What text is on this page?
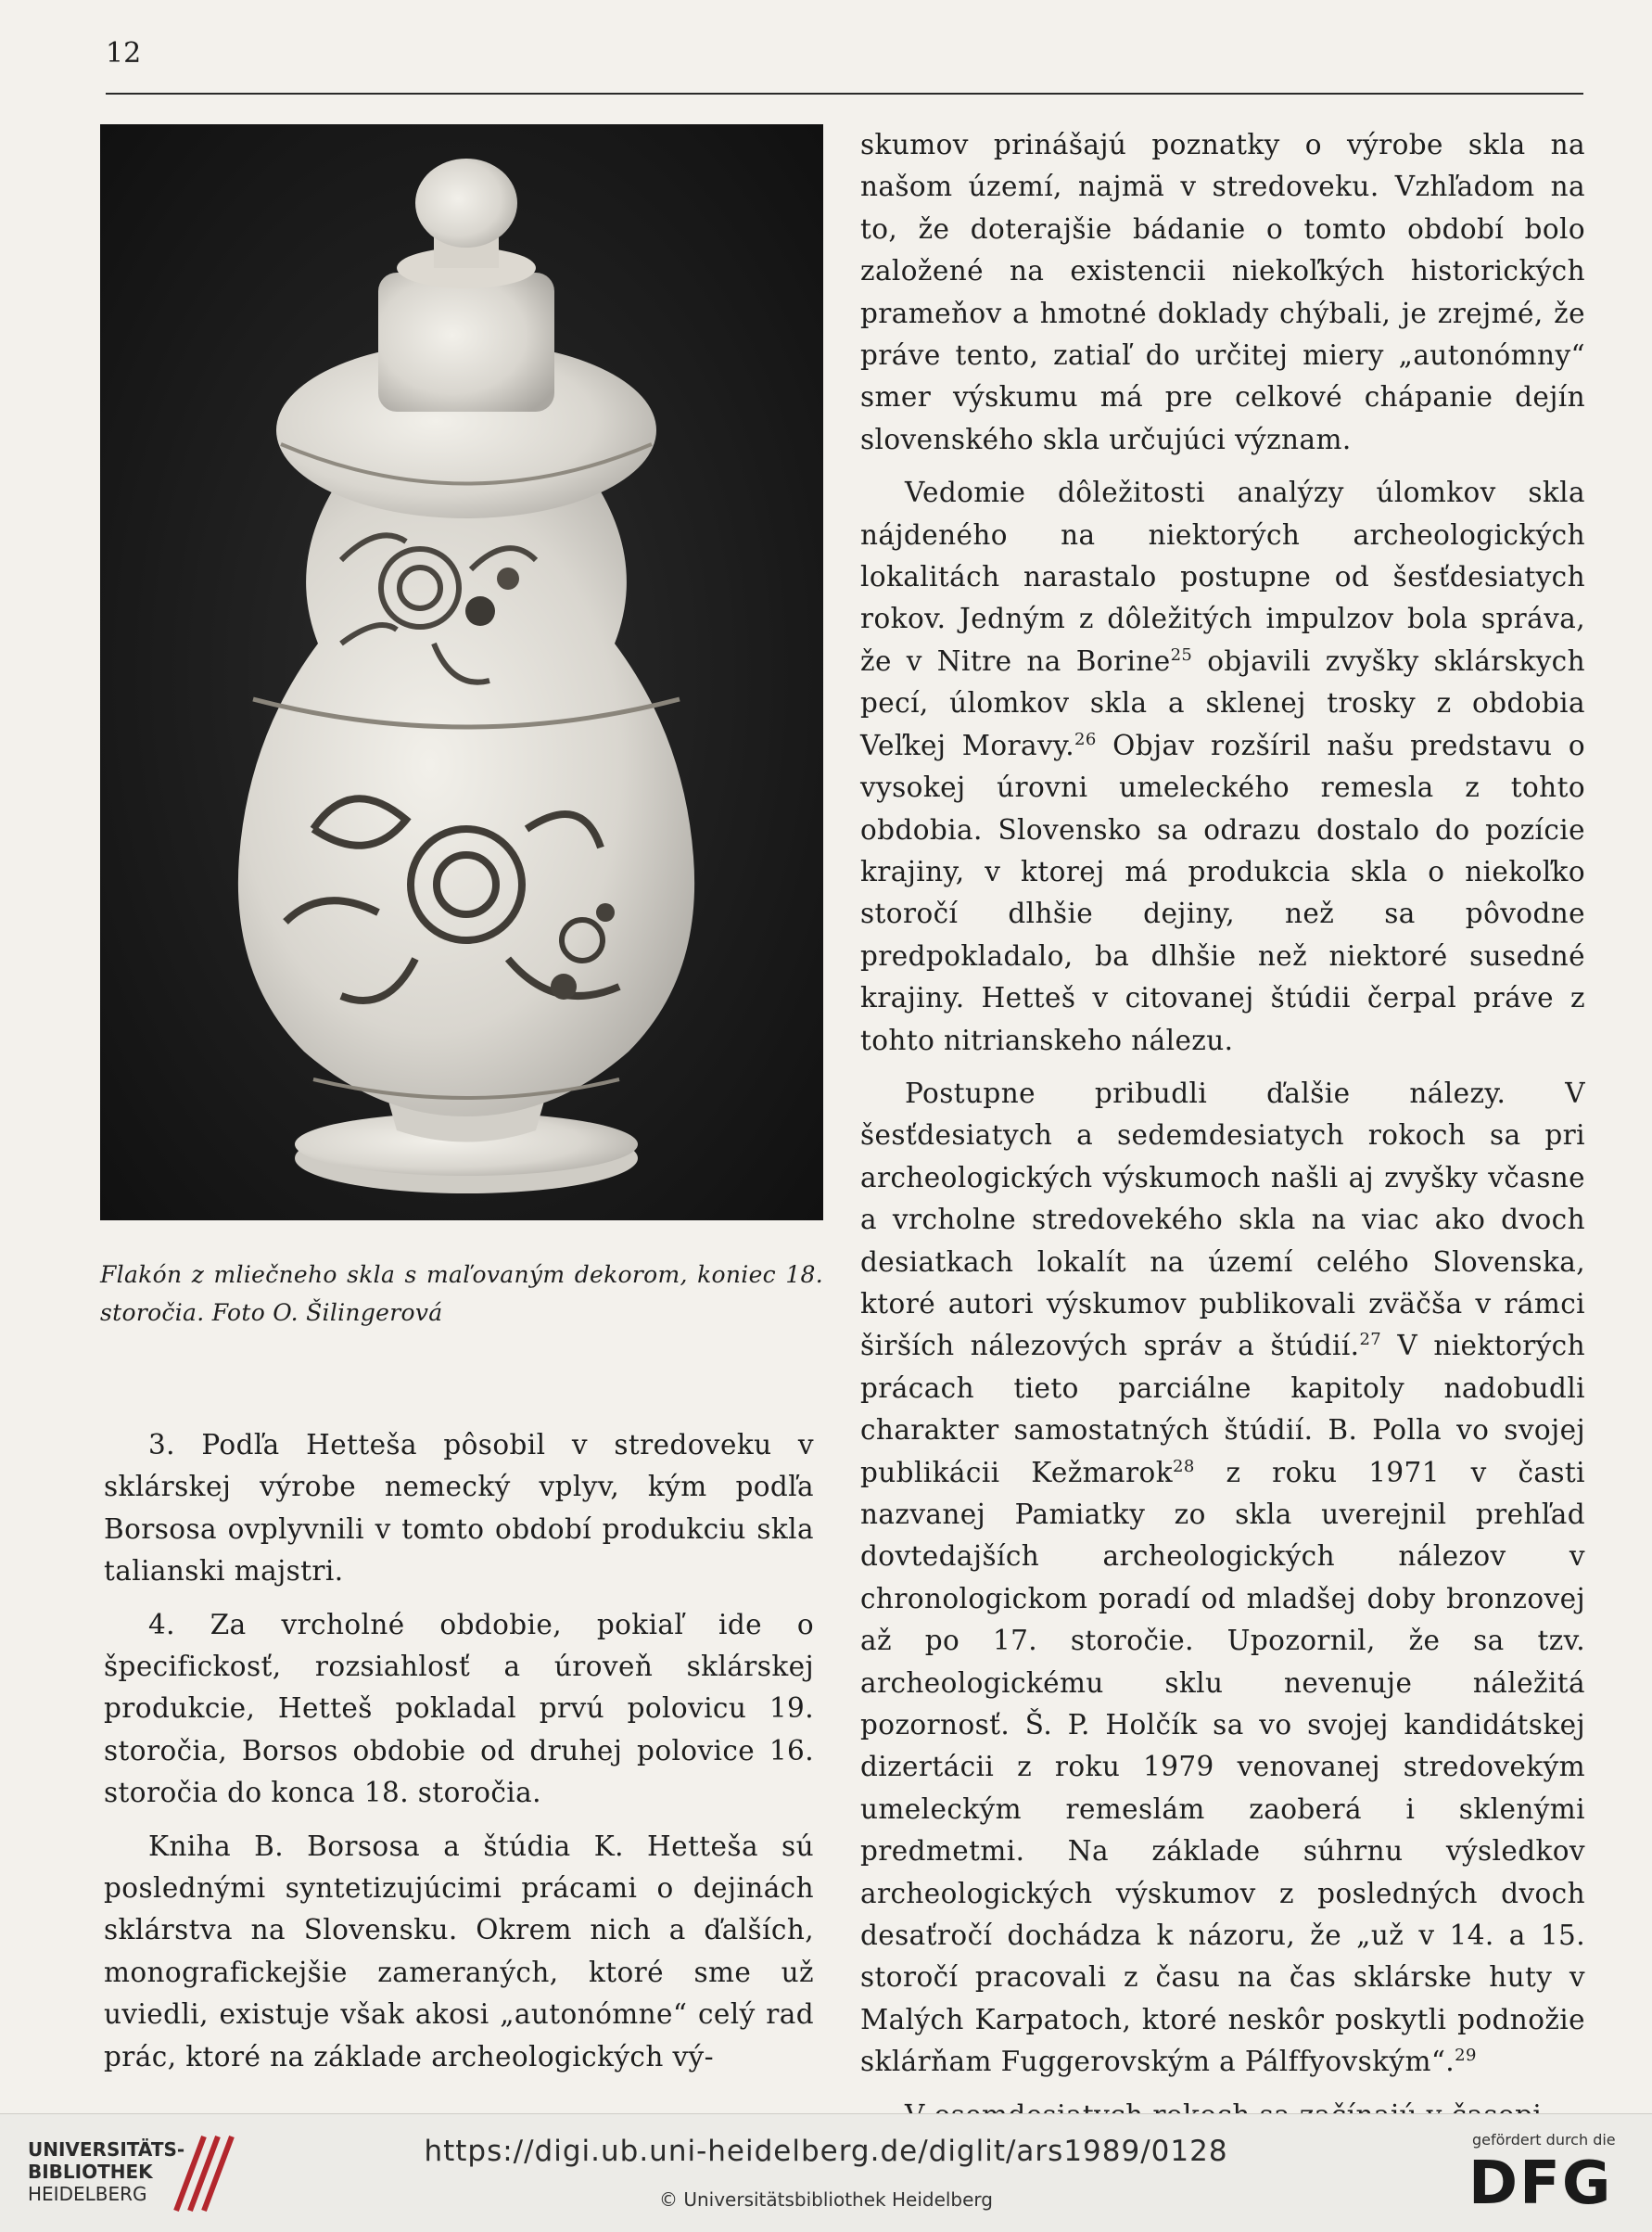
12
Flakón z mliečneho skla s maľovaným dekorom, koniec 18. storočia. Foto O. Šilingerová

3. Podľa Hetteša pôsobil v stredoveku v sklárskej výrobe nemecký vplyv, kým podľa Borsosa ovplyvnili v tomto období produkciu skla talianski majstri.

4. Za vrcholné obdobie, pokiaľ ide o špecifickosť, rozsiahlosť a úroveň sklárskej produkcie, Hetteš pokladal prvú polovicu 19. storočia, Borsos obdobie od druhej polovice 16. storočia do konca 18. storočia.

Kniha B. Borsosa a štúdia K. Hetteša sú poslednými syntetizujúcimi prácami o dejinách sklárstva na Slovensku. Okrem nich a ďalších, monografickejšie zameraných, ktoré sme už uviedli, existuje však akosi „autonómne“ celý rad prác, ktoré na základe archeologických vý-

skumov prinášajú poznatky o výrobe skla na našom území, najmä v stredoveku. Vzhľadom na to, že doterajšie bádanie o tomto období bolo založené na existencii niekoľkých historických prameňov a hmotné doklady chýbali, je zrejmé, že práve tento, zatiaľ do určitej miery „autonómny“ smer výskumu má pre celkové chápanie dejín slovenského skla určujúci význam.

Vedomie dôležitosti analýzy úlomkov skla nájdeného na niektorých archeologických lokalitách narastalo postupne od šesťdesiatych rokov. Jedným z dôležitých impulzov bola správa, že v Nitre na Borine$^{25}$ objavili zvyšky sklárskych pecí, úlomkov skla a sklenej trosky z obdobia Veľkej Moravy.$^{26}$ Objav rozšíril našu predstavu o vysokej úrovni umeleckého remesla z tohto obdobia. Slovensko sa odrazu dostalo do pozície krajiny, v ktorej má produkcia skla o niekoľko storočí dlhšie dejiny, než sa pôvodne predpokladalo, ba dlhšie než niektoré susedné krajiny. Hetteš v citovanej štúdii čerpal práve z tohto nitrianskeho nálezu.

Postupne pribudli ďalšie nálezy. V šesťdesiatych a sedemdesiatych rokoch sa pri archeologických výskumoch našli aj zvyšky včasne a vrcholne stredovekého skla na viac ako dvoch desiatkach lokalít na území celého Slovenska, ktoré autori výskumov publikovali zväčša v rámci širších nálezových správ a štúdií.$^{27}$ V niektorých prácach tieto parciálne kapitoly nadobudli charakter samostatných štúdií. B. Polla vo svojej publikácii Kežmarok$^{28}$ z roku 1971 v časti nazvanej Pamiatky zo skla uverejnil prehľad dovtedajších archeologických nálezov v chronologickom poradí od mladšej doby bronzovej až po 17. storočie. Upozornil, že sa tzv. archeologickému sklu nevenuje náležitá pozornosť. Š. P. Holčík sa vo svojej kandidátskej dizertácii z roku 1979 venovanej stredovekým umeleckým remeslám zaoberá i sklenými predmetmi. Na základe súhrnu výsledkov archeologických výskumov z posledných dvoch desaťročí dochádza k názoru, že „už v 14. a 15. storočí pracovali z času na čas sklárske huty v Malých Karpatoch, ktoré neskôr poskytli podnožie sklárňam Fuggerovským a Pálffyovským“.$^{29}$

UNIVERSITÄTS-
BIBLIOTHEK
HEIDELBERG
https://digi.ub.uni-heidelberg.de/diglit/ars1989/0128
© Universitätsbibliothek Heidelberg
gefördert durch die
DFG
